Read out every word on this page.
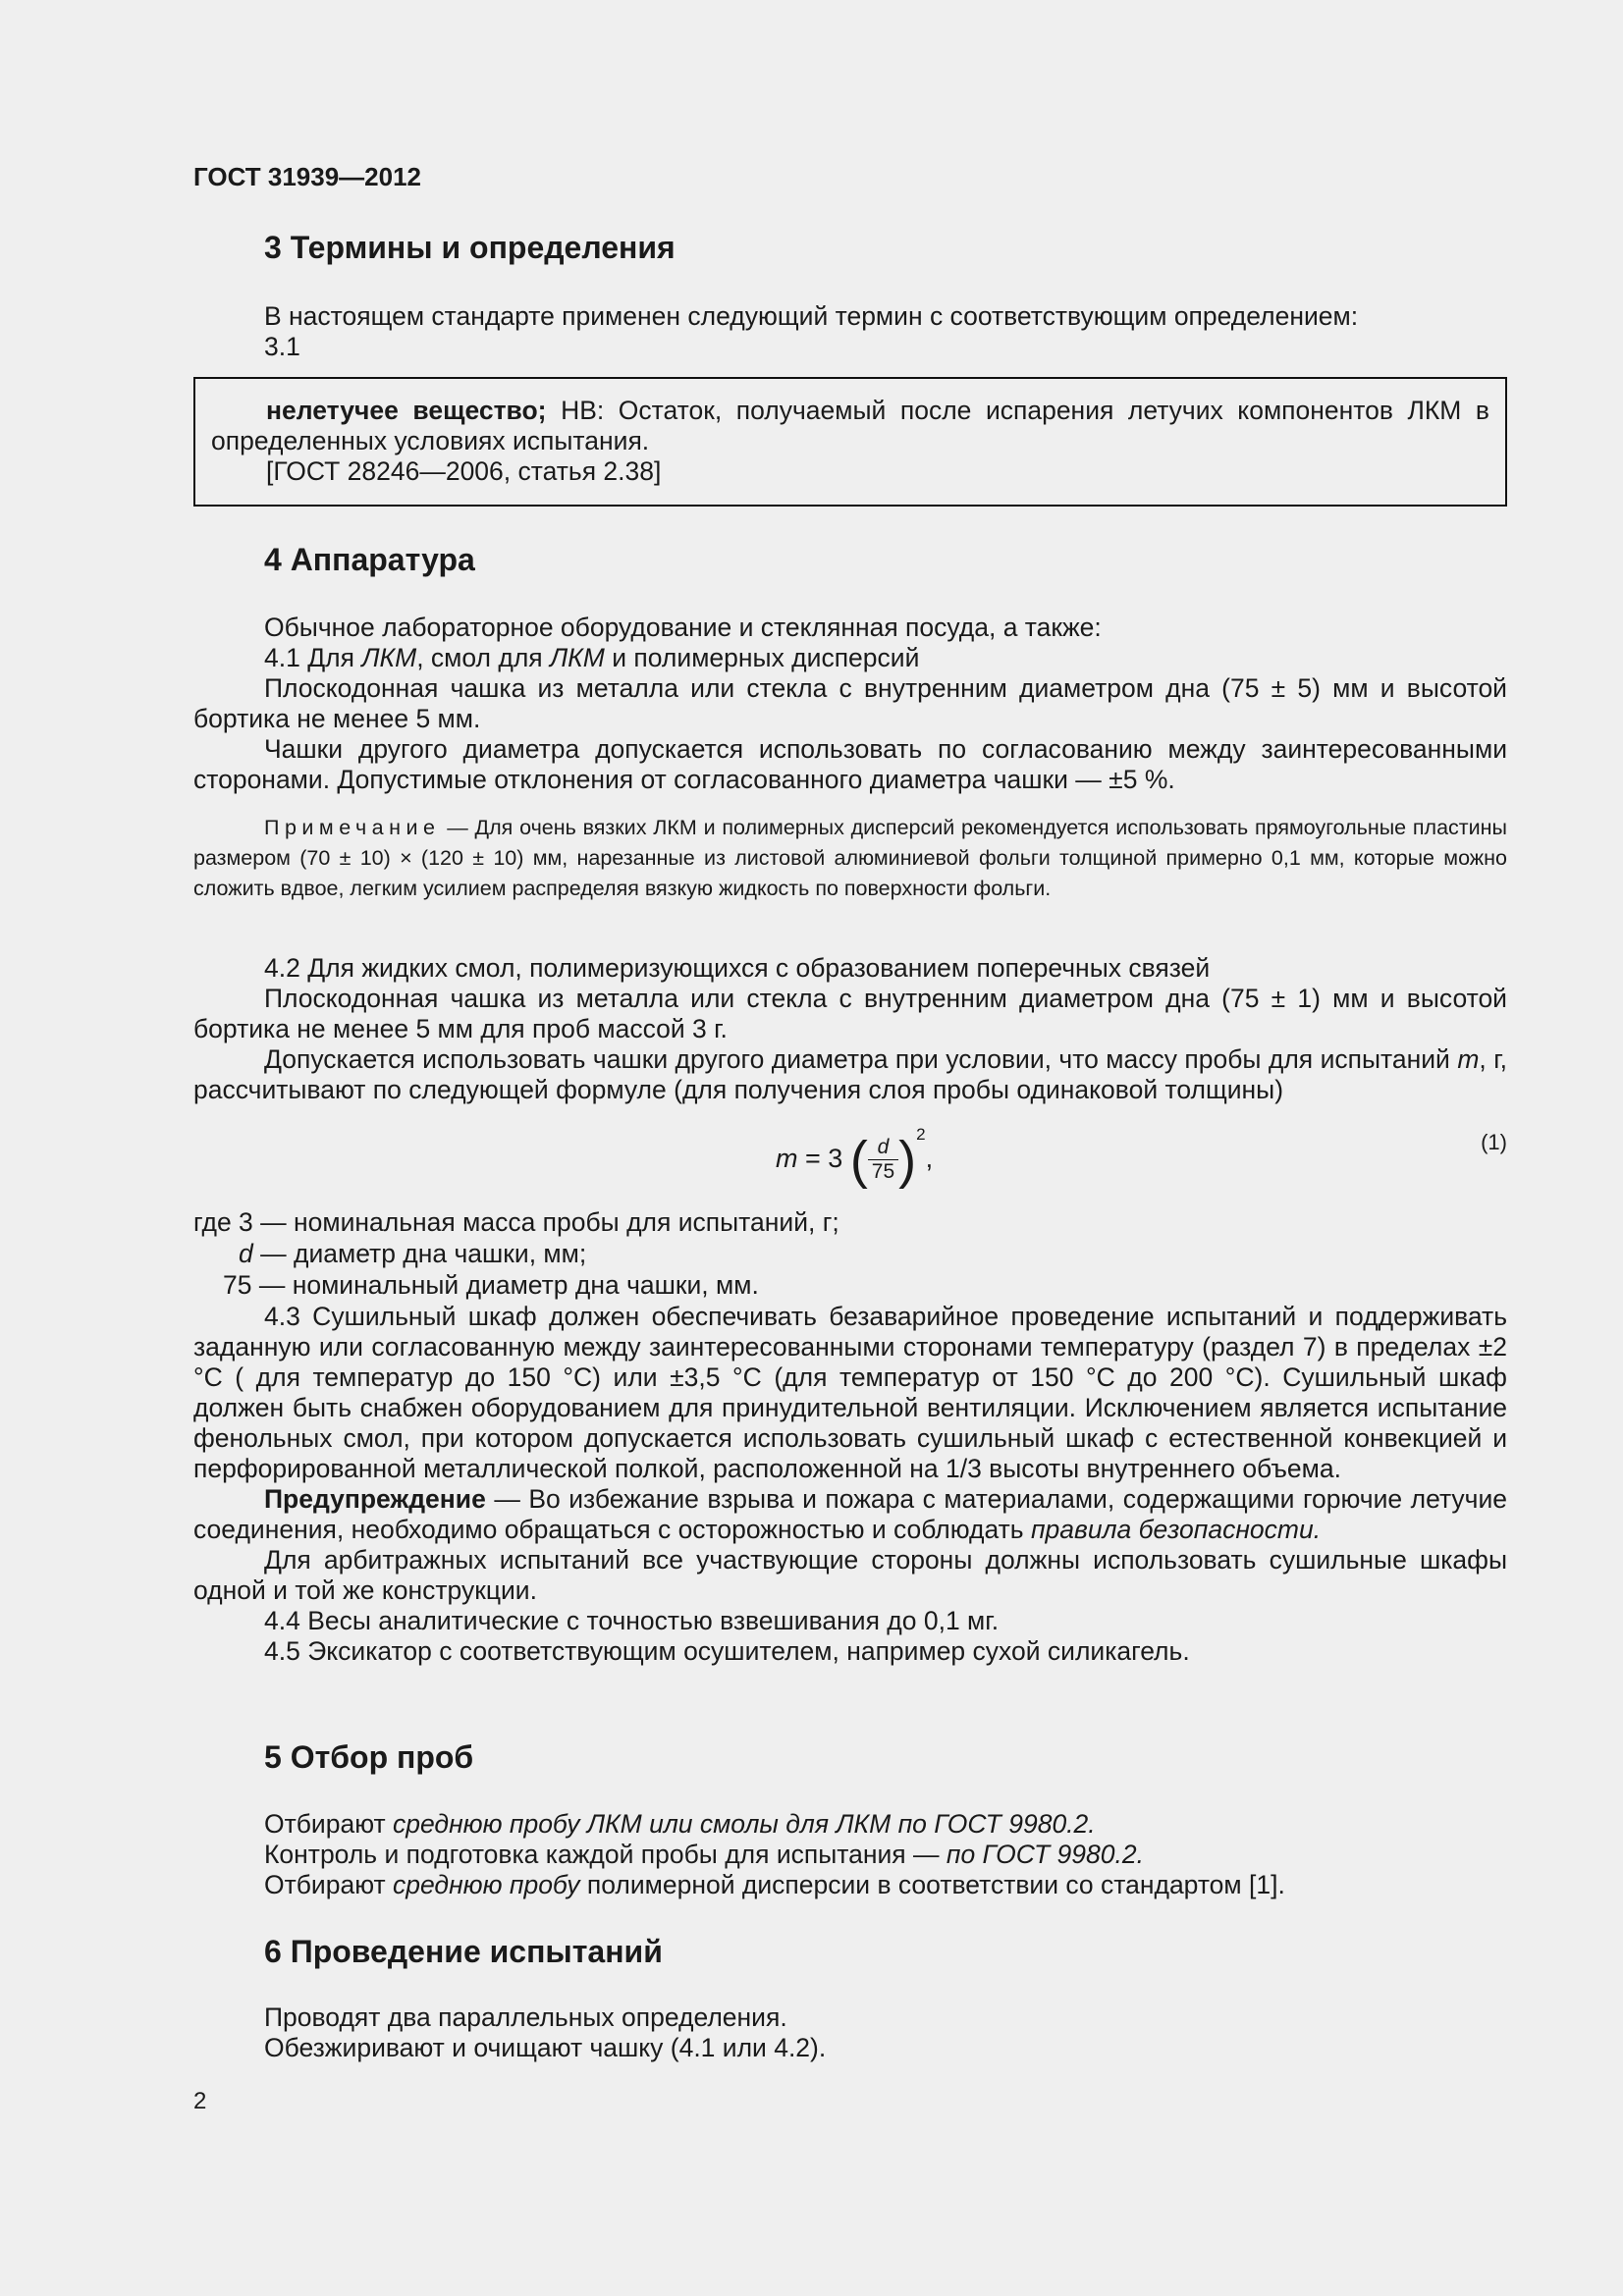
ГОСТ 31939—2012
3 Термины и определения

В настоящем стандарте применен следующий термин с соответствующим определением:

3.1

нелетучее вещество; НВ: Остаток, получаемый после испарения летучих компонентов ЛКМ в определенных условиях испытания.

[ГОСТ 28246—2006, статья 2.38]

4 Аппаратура

Обычное лабораторное оборудование и стеклянная посуда, а также:

4.1 Для ЛКМ, смол для ЛКМ и полимерных дисперсий

Плоскодонная чашка из металла или стекла с внутренним диаметром дна (75 ± 5) мм и высотой бортика не менее 5 мм.

Чашки другого диаметра допускается использовать по согласованию между заинтересованными сторонами. Допустимые отклонения от согласованного диаметра чашки — ±5 %.

Примечание — Для очень вязких ЛКМ и полимерных дисперсий рекомендуется использовать прямоугольные пластины размером (70 ± 10) × (120 ± 10) мм, нарезанные из листовой алюминиевой фольги толщиной примерно 0,1 мм, которые можно сложить вдвое, легким усилием распределяя вязкую жидкость по поверхности фольги.

4.2 Для жидких смол, полимеризующихся с образованием поперечных связей

Плоскодонная чашка из металла или стекла с внутренним диаметром дна (75 ± 1) мм и высотой бортика не менее 5 мм для проб массой 3 г.

Допускается использовать чашки другого диаметра при условии, что массу пробы для испытаний m, г, рассчитывают по следующей формуле (для получения слоя пробы одинаковой толщины)

m = 3 ( $\frac{d}{75} )^2$,
(1)
где 3 — номинальная масса пробы для испытаний, г;
d — диаметр дна чашки, мм;
75 — номинальный диаметр дна чашки, мм.

4.3 Сушильный шкаф должен обеспечивать безаварийное проведение испытаний и поддерживать заданную или согласованную между заинтересованными сторонами температуру (раздел 7) в пределах ±2 °С ( для температур до 150 °С) или ±3,5 °С (для температур от 150 °С до 200 °С). Сушильный шкаф должен быть снабжен оборудованием для принудительной вентиляции. Исключением является испытание фенольных смол, при котором допускается использовать сушильный шкаф с естественной конвекцией и перфорированной металлической полкой, расположенной на 1/3 высоты внутреннего объема.

Предупреждение — Во избежание взрыва и пожара с материалами, содержащими горючие летучие соединения, необходимо обращаться с осторожностью и соблюдать правила безопасности.

Для арбитражных испытаний все участвующие стороны должны использовать сушильные шкафы одной и той же конструкции.

4.4 Весы аналитические с точностью взвешивания до 0,1 мг.

4.5 Эксикатор с соответствующим осушителем, например сухой силикагель.

5 Отбор проб

Отбирают среднюю пробу ЛКМ или смолы для ЛКМ по ГОСТ 9980.2.

Контроль и подготовка каждой пробы для испытания — по ГОСТ 9980.2.

Отбирают среднюю пробу полимерной дисперсии в соответствии со стандартом [1].

6 Проведение испытаний

Проводят два параллельных определения.

Обезжиривают и очищают чашку (4.1 или 4.2).

2
